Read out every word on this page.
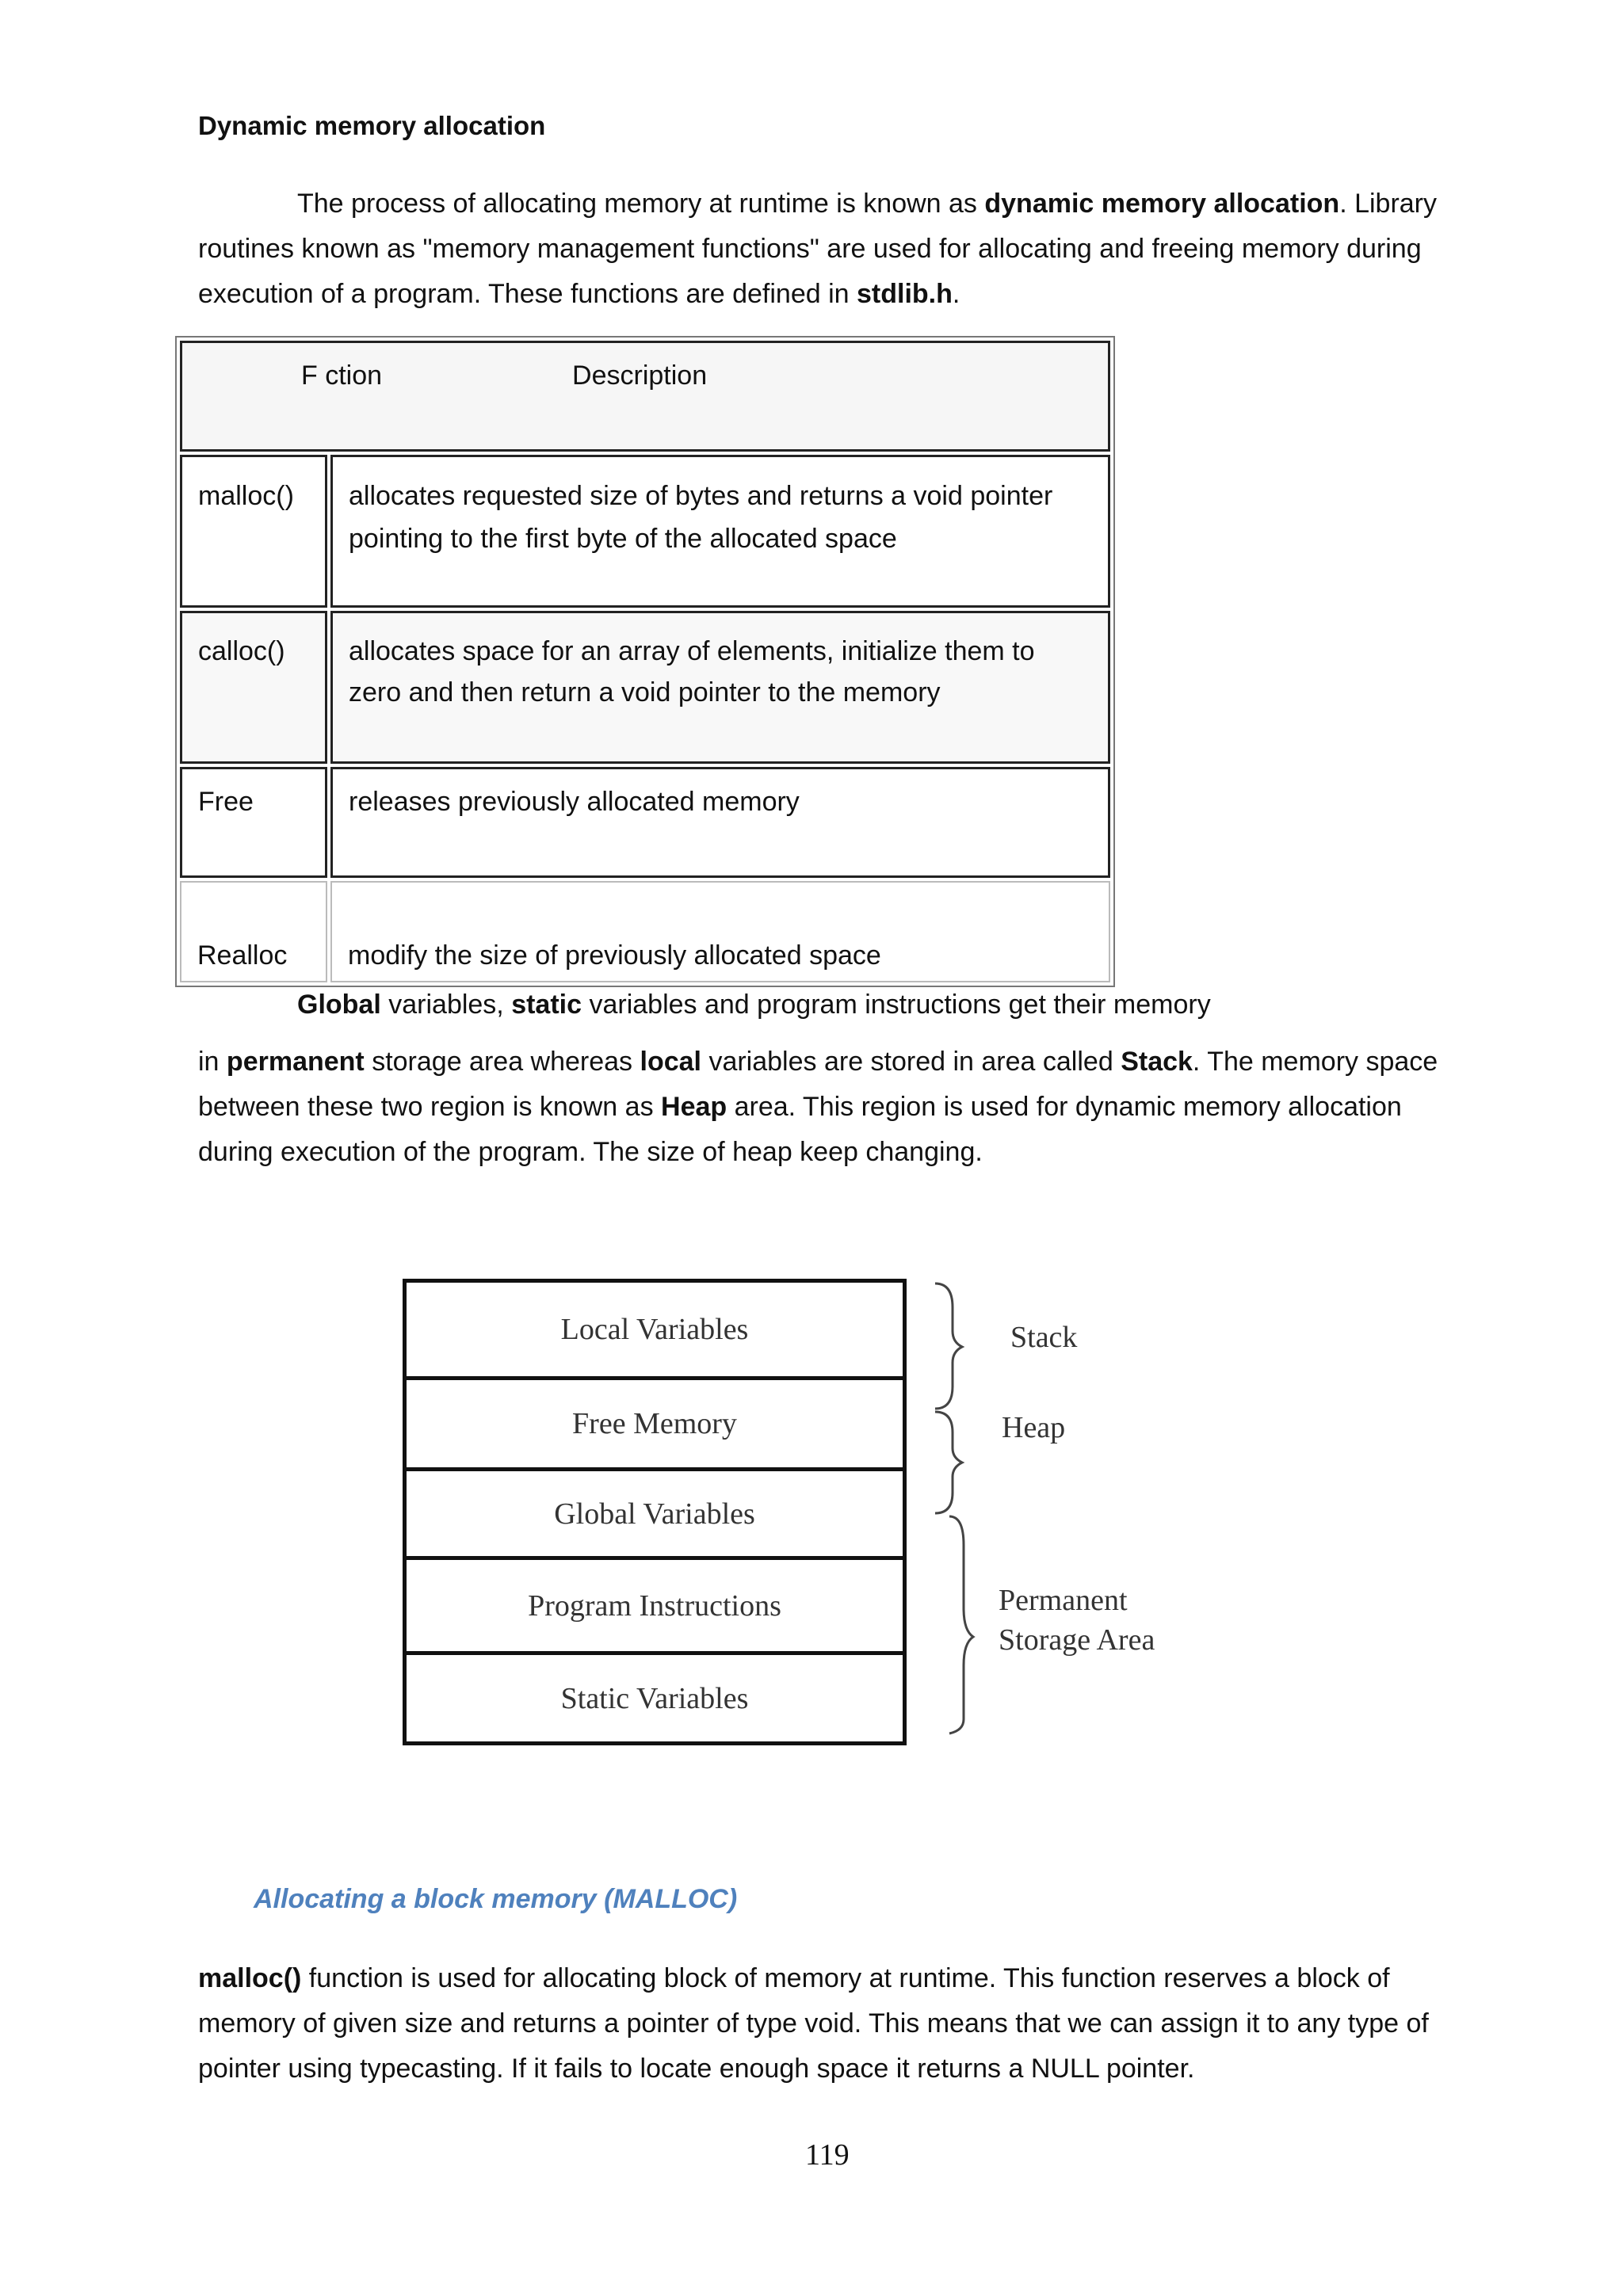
Dynamic memory allocation
The process of allocating memory at runtime is known as dynamic memory allocation. Library routines known as "memory management functions" are used for allocating and freeing memory during execution of a program. These functions are defined in stdlib.h.
F ction Description	
malloc()	allocates requested size of bytes and returns a void pointer pointing to the first byte of the allocated space
calloc()	allocates space for an array of elements, initialize them to zero and then return a void pointer to the memory
Free	releases previously allocated memory
Realloc	modify the size of previously allocated space
Global variables, static variables and program instructions get their memory
in permanent storage area whereas local variables are stored in area called Stack. The memory space between these two region is known as Heap area. This region is used for dynamic memory allocation during execution of the program. The size of heap keep changing.
Local Variables
Free Memory
Global Variables
Program Instructions
Static Variables
Stack
Heap
Permanent
Storage Area
Allocating a block memory (MALLOC)
malloc() function is used for allocating block of memory at runtime. This function reserves a block of memory of given size and returns a pointer of type void. This means that we can assign it to any type of pointer using typecasting. If it fails to locate enough space it returns a NULL pointer.
119
